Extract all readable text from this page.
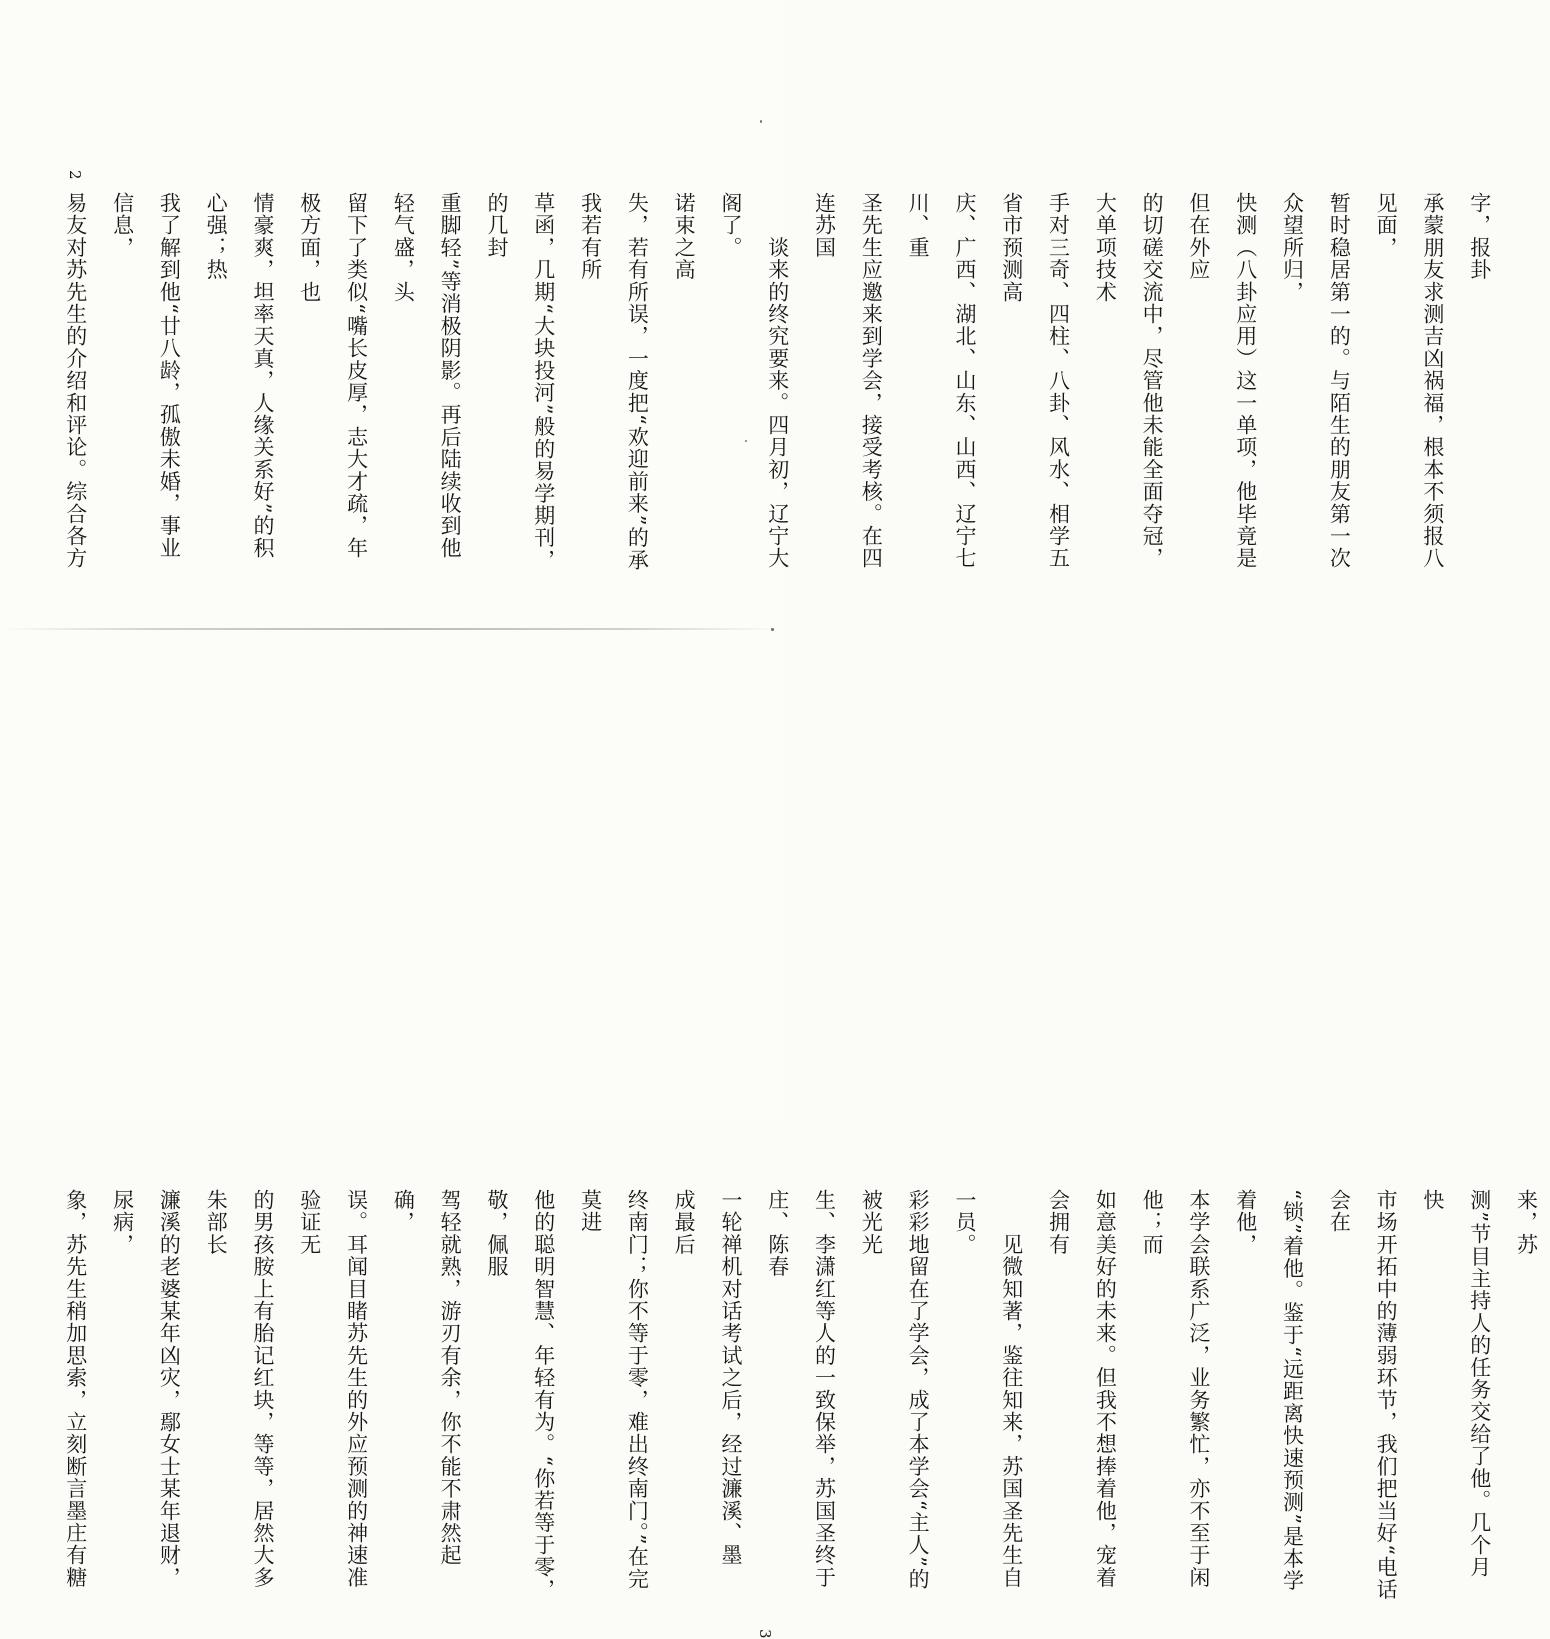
2

易友对苏先生的介绍和评论。综合各方信息，	我了解到他“廿八龄，孤傲未婚，事业心强；热	情豪爽，坦率天真，人缘关系好”的积极方面，也	留下了类似“嘴长皮厚，志大才疏，年轻气盛，头	重脚轻”等消极阴影。再后陆续收到他的几封	草函，几期“大块投河”般的易学期刊，我若有所	失，若有所误，一度把“欢迎前来”的承诺束之高	阁了。	　　谈来的终究要来。四月初，辽宁大连苏国	圣先生应邀来到学会，接受考核。在四川、重	庆、广西、湖北、山东、山西、辽宁七省市预测高	手对三奇、四柱、八卦、风水、相学五大单项技术	的切磋交流中，尽管他未能全面夺冠，但在外应	快测（八卦应用）这一单项，他毕竟是众望所归，	暂时稳居第一的。与陌生的朋友第一次见面，	承蒙朋友求测吉凶祸福，根本不须报八字，报卦

3

象，苏先生稍加思索，立刻断言墨庄有糖尿病，	濂溪的老婆某年凶灾，鄢女士某年退财，朱部长	的男孩胺上有胎记红块，等等，居然大多验证无	误。耳闻目睹苏先生的外应预测的神速准确，	驾轻就熟，游刃有余，你不能不肃然起敬，佩服	他的聪明智慧、年轻有为。“你若等于零，莫进	终南门；你不等于零，难出终南门。”在完成最后	一轮禅机对话考试之后，经过濂溪、墨庄、陈春	生、李潇红等人的一致保举，苏国圣终于被光光	彩彩地留在了学会，成了本学会“主人”的一员。	　　见微知著，鉴往知来，苏国圣先生自会拥有	如意美好的未来。但我不想捧着他，宠着他；而	本学会联系广泛，业务繁忙，亦不至于闲着他，	“锁”着他。鉴于“远距离快速预测”是本学会在	市场开拓中的薄弱环节，我们把当好“电话快	测”节目主持人的任务交给了他。几个月来，苏
